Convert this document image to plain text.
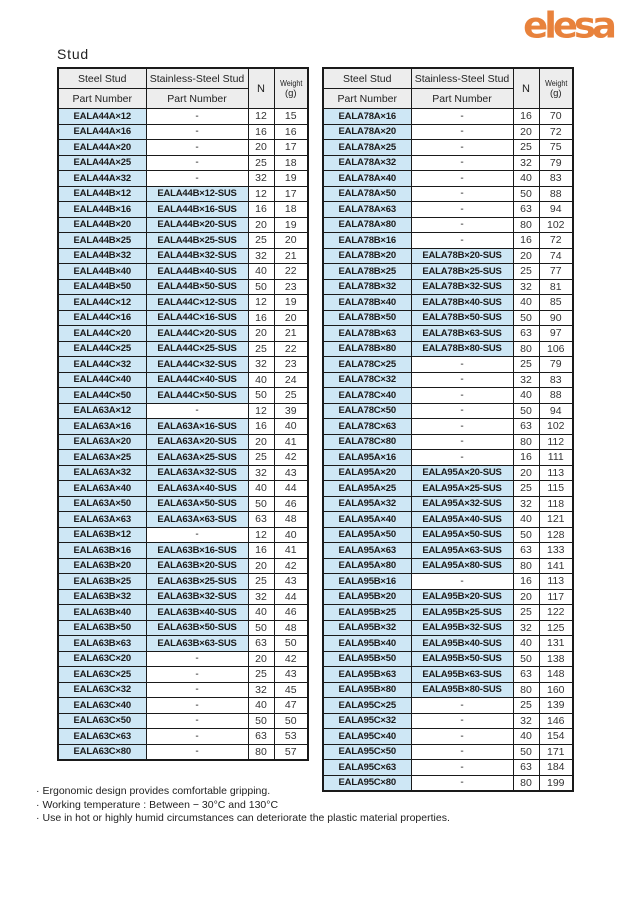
elesa
Stud
Steel Stud	Stainless-Steel Stud	N	Weight
(g)

Part Number	Part Number		
EALA44A×12	-	12	15
EALA44A×16	-	16	16
EALA44A×20	-	20	17
EALA44A×25	-	25	18
EALA44A×32	-	32	19
EALA44B×12	EALA44B×12-SUS	12	17
EALA44B×16	EALA44B×16-SUS	16	18
EALA44B×20	EALA44B×20-SUS	20	19
EALA44B×25	EALA44B×25-SUS	25	20
EALA44B×32	EALA44B×32-SUS	32	21
EALA44B×40	EALA44B×40-SUS	40	22
EALA44B×50	EALA44B×50-SUS	50	23
EALA44C×12	EALA44C×12-SUS	12	19
EALA44C×16	EALA44C×16-SUS	16	20
EALA44C×20	EALA44C×20-SUS	20	21
EALA44C×25	EALA44C×25-SUS	25	22
EALA44C×32	EALA44C×32-SUS	32	23
EALA44C×40	EALA44C×40-SUS	40	24
EALA44C×50	EALA44C×50-SUS	50	25
EALA63A×12	-	12	39
EALA63A×16	EALA63A×16-SUS	16	40
EALA63A×20	EALA63A×20-SUS	20	41
EALA63A×25	EALA63A×25-SUS	25	42
EALA63A×32	EALA63A×32-SUS	32	43
EALA63A×40	EALA63A×40-SUS	40	44
EALA63A×50	EALA63A×50-SUS	50	46
EALA63A×63	EALA63A×63-SUS	63	48
EALA63B×12	-	12	40
EALA63B×16	EALA63B×16-SUS	16	41
EALA63B×20	EALA63B×20-SUS	20	42
EALA63B×25	EALA63B×25-SUS	25	43
EALA63B×32	EALA63B×32-SUS	32	44
EALA63B×40	EALA63B×40-SUS	40	46
EALA63B×50	EALA63B×50-SUS	50	48
EALA63B×63	EALA63B×63-SUS	63	50
EALA63C×20	-	20	42
EALA63C×25	-	25	43
EALA63C×32	-	32	45
EALA63C×40	-	40	47
EALA63C×50	-	50	50
EALA63C×63	-	63	53
EALA63C×80	-	80	57
Steel Stud	Stainless-Steel Stud	N	Weight
(g)

Part Number	Part Number		
EALA78A×16	-	16	70
EALA78A×20	-	20	72
EALA78A×25	-	25	75
EALA78A×32	-	32	79
EALA78A×40	-	40	83
EALA78A×50	-	50	88
EALA78A×63	-	63	94
EALA78A×80	-	80	102
EALA78B×16	-	16	72
EALA78B×20	EALA78B×20-SUS	20	74
EALA78B×25	EALA78B×25-SUS	25	77
EALA78B×32	EALA78B×32-SUS	32	81
EALA78B×40	EALA78B×40-SUS	40	85
EALA78B×50	EALA78B×50-SUS	50	90
EALA78B×63	EALA78B×63-SUS	63	97
EALA78B×80	EALA78B×80-SUS	80	106
EALA78C×25	-	25	79
EALA78C×32	-	32	83
EALA78C×40	-	40	88
EALA78C×50	-	50	94
EALA78C×63	-	63	102
EALA78C×80	-	80	112
EALA95A×16	-	16	111
EALA95A×20	EALA95A×20-SUS	20	113
EALA95A×25	EALA95A×25-SUS	25	115
EALA95A×32	EALA95A×32-SUS	32	118
EALA95A×40	EALA95A×40-SUS	40	121
EALA95A×50	EALA95A×50-SUS	50	128
EALA95A×63	EALA95A×63-SUS	63	133
EALA95A×80	EALA95A×80-SUS	80	141
EALA95B×16	-	16	113
EALA95B×20	EALA95B×20-SUS	20	117
EALA95B×25	EALA95B×25-SUS	25	122
EALA95B×32	EALA95B×32-SUS	32	125
EALA95B×40	EALA95B×40-SUS	40	131
EALA95B×50	EALA95B×50-SUS	50	138
EALA95B×63	EALA95B×63-SUS	63	148
EALA95B×80	EALA95B×80-SUS	80	160
EALA95C×25	-	25	139
EALA95C×32	-	32	146
EALA95C×40	-	40	154
EALA95C×50	-	50	171
EALA95C×63	-	63	184
EALA95C×80	-	80	199
· Ergonomic design provides comfortable gripping.
· Working temperature : Between − 30°C and 130°C
· Use in hot or highly humid circumstances can deteriorate the plastic material properties.
